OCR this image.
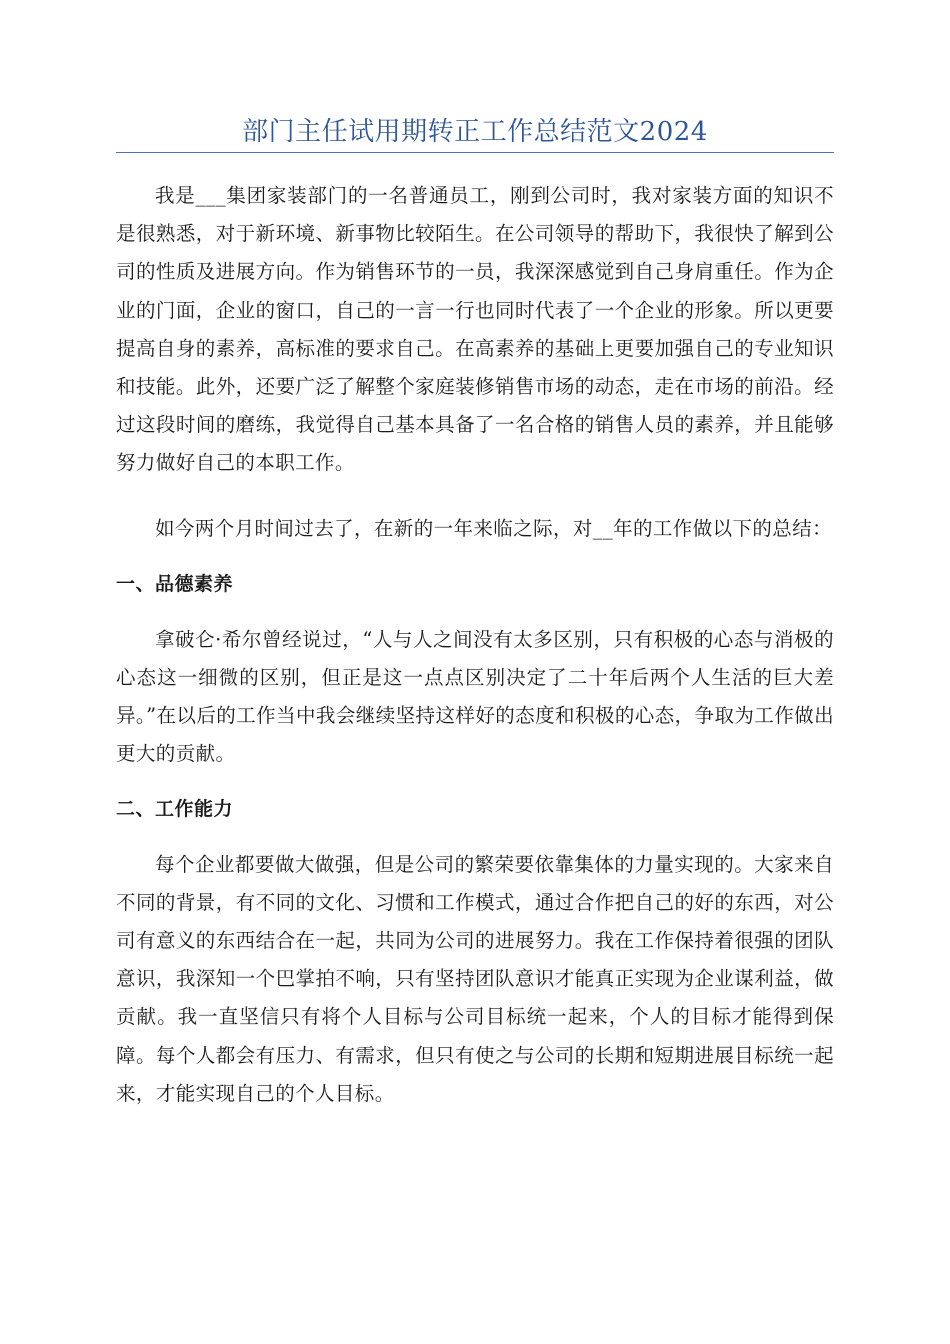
部门主任试用期转正工作总结范文2024

我是___集团家装部门的一名普通员工，刚到公司时，我对家装方面的知识不是很熟悉，对于新环境、新事物比较陌生。在公司领导的帮助下，我很快了解到公司的性质及进展方向。作为销售环节的一员，我深深感觉到自己身肩重任。作为企业的门面，企业的窗口，自己的一言一行也同时代表了一个企业的形象。所以更要提高自身的素养，高标准的要求自己。在高素养的基础上更要加强自己的专业知识和技能。此外，还要广泛了解整个家庭装修销售市场的动态，走在市场的前沿。经过这段时间的磨练，我觉得自己基本具备了一名合格的销售人员的素养，并且能够努力做好自己的本职工作。

如今两个月时间过去了，在新的一年来临之际，对__年的工作做以下的总结：

一、品德素养

拿破仑·希尔曾经说过，“人与人之间没有太多区别，只有积极的心态与消极的心态这一细微的区别，但正是这一点点区别决定了二十年后两个人生活的巨大差异。”在以后的工作当中我会继续坚持这样好的态度和积极的心态，争取为工作做出更大的贡献。

二、工作能力

每个企业都要做大做强，但是公司的繁荣要依靠集体的力量实现的。大家来自不同的背景，有不同的文化、习惯和工作模式，通过合作把自己的好的东西，对公司有意义的东西结合在一起，共同为公司的进展努力。我在工作保持着很强的团队意识，我深知一个巴掌拍不响，只有坚持团队意识才能真正实现为企业谋利益，做贡献。我一直坚信只有将个人目标与公司目标统一起来，个人的目标才能得到保障。每个人都会有压力、有需求，但只有使之与公司的长期和短期进展目标统一起来，才能实现自己的个人目标。
